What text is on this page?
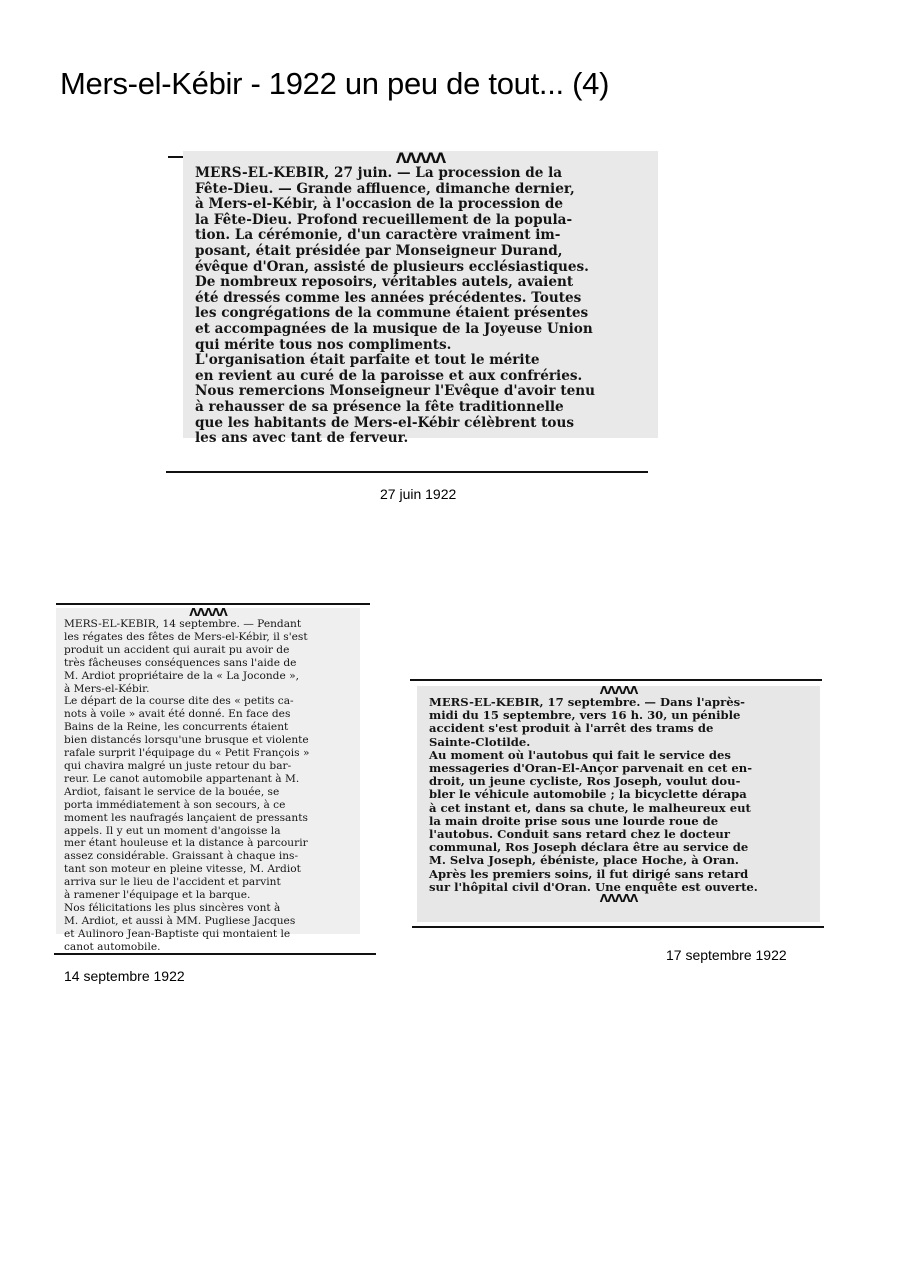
Mers-el-Kébir - 1922 un peu de tout... (4)
ɅɅɅɅɅ
MERS-EL-KEBIR, 27 juin. — La procession de la
Fête-Dieu. — Grande affluence, dimanche dernier,
à Mers-el-Kébir, à l'occasion de la procession de
la Fête-Dieu. Profond recueillement de la popula-
tion. La cérémonie, d'un caractère vraiment im-
posant, était présidée par Monseigneur Durand,
évêque d'Oran, assisté de plusieurs ecclésiastiques.
De nombreux reposoirs, véritables autels, avaient
été dressés comme les années précédentes. Toutes
les congrégations de la commune étaient présentes
et accompagnées de la musique de la Joyeuse Union
qui mérite tous nos compliments.
L'organisation était parfaite et tout le mérite
en revient au curé de la paroisse et aux confréries.
Nous remercions Monseigneur l'Evêque d'avoir tenu
à rehausser de sa présence la fête traditionnelle
que les habitants de Mers-el-Kébir célèbrent tous
les ans avec tant de ferveur.
27 juin 1922
ɅɅɅɅɅ
MERS-EL-KEBIR, 14 septembre. — Pendant
les régates des fêtes de Mers-el-Kébir, il s'est
produit un accident qui aurait pu avoir de
très fâcheuses conséquences sans l'aide de
M. Ardiot propriétaire de la « La Joconde »,
à Mers-el-Kébir.
Le départ de la course dite des « petits ca-
nots à voile » avait été donné. En face des
Bains de la Reine, les concurrents étaient
bien distancés lorsqu'une brusque et violente
rafale surprit l'équipage du « Petit François »
qui chavira malgré un juste retour du bar-
reur. Le canot automobile appartenant à M.
Ardiot, faisant le service de la bouée, se
porta immédiatement à son secours, à ce
moment les naufragés lançaient de pressants
appels. Il y eut un moment d'angoisse la
mer étant houleuse et la distance à parcourir
assez considérable. Graissant à chaque ins-
tant son moteur en pleine vitesse, M. Ardiot
arriva sur le lieu de l'accident et parvint
à ramener l'équipage et la barque.
Nos félicitations les plus sincères vont à
M. Ardiot, et aussi à MM. Pugliese Jacques
et Aulinoro Jean-Baptiste qui montaient le
canot automobile.
14 septembre 1922
ɅɅɅɅɅ
MERS-EL-KEBIR, 17 septembre. — Dans l'après-
midi du 15 septembre, vers 16 h. 30, un pénible
accident s'est produit à l'arrêt des trams de
Sainte-Clotilde.
Au moment où l'autobus qui fait le service des
messageries d'Oran-El-Ançor parvenait en cet en-
droit, un jeune cycliste, Ros Joseph, voulut dou-
bler le véhicule automobile ; la bicyclette dérapa
à cet instant et, dans sa chute, le malheureux eut
la main droite prise sous une lourde roue de
l'autobus. Conduit sans retard chez le docteur
communal, Ros Joseph déclara être au service de
M. Selva Joseph, ébéniste, place Hoche, à Oran.
Après les premiers soins, il fut dirigé sans retard
sur l'hôpital civil d'Oran. Une enquête est ouverte.
ɅɅɅɅɅ
17 septembre 1922
